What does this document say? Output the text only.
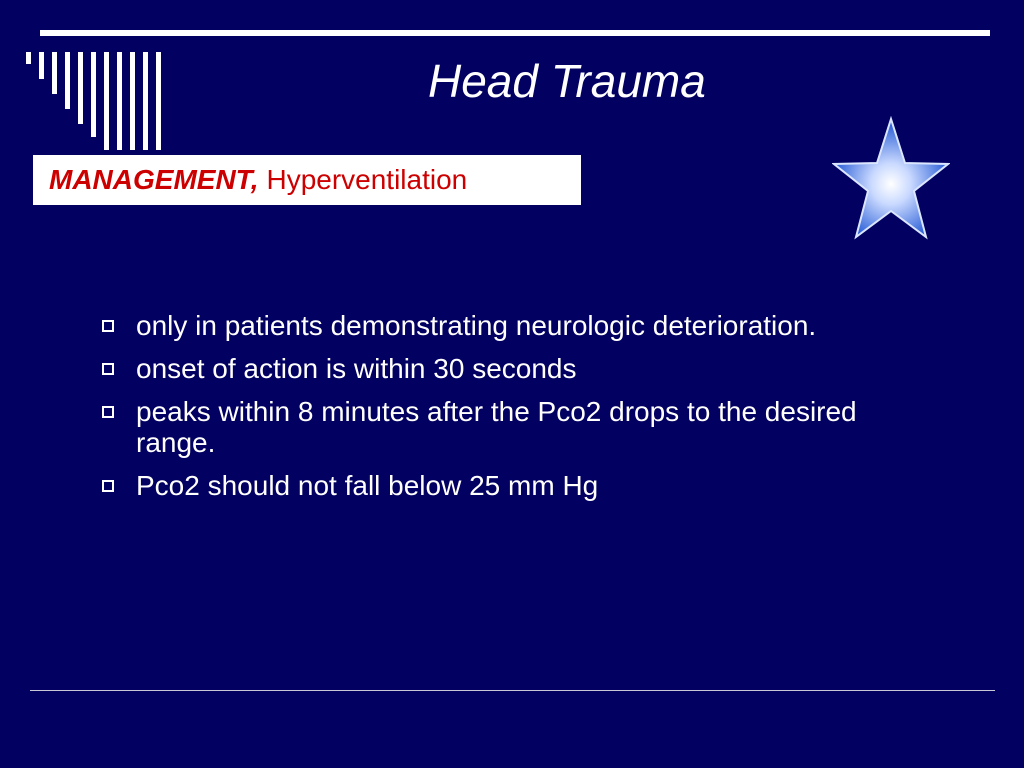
Head Trauma
MANAGEMENT, Hyperventilation
only in patients demonstrating neurologic deterioration.
onset of action is within 30 seconds
peaks within 8 minutes after the Pco2 drops to the desired range.
Pco2 should not fall below 25 mm Hg
